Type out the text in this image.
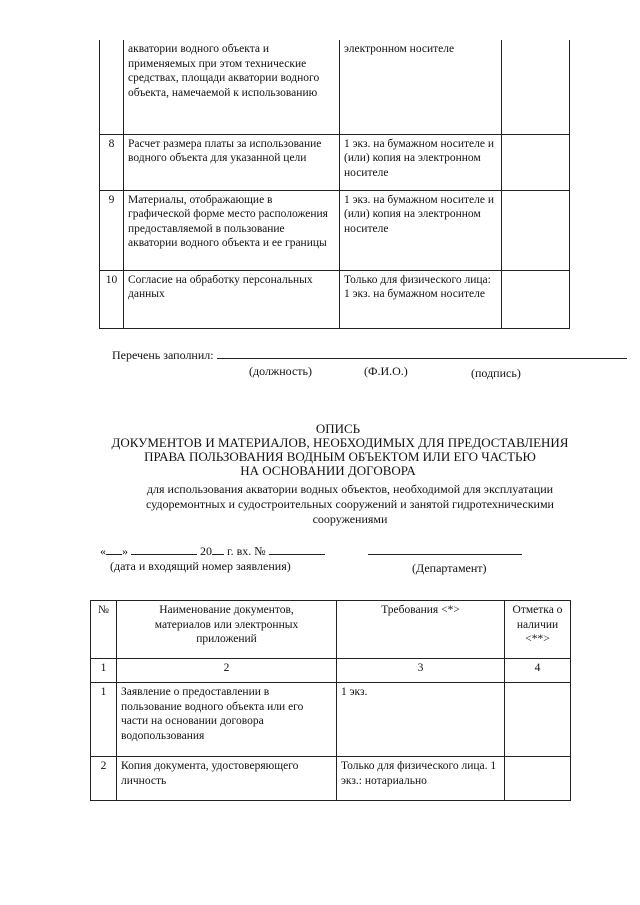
	акватории водного объекта и применяемых при этом технические средствах, площади акватории водного объекта, намечаемой к использованию	электронном носителе	
8	Расчет размера платы за использование водного объекта для указанной цели	1 экз. на бумажном носителе и (или) копия на электронном носителе	
9	Материалы, отображающие в графической форме место расположения предоставляемой в пользование акватории водного объекта и ее границы	1 экз. на бумажном носителе и (или) копия на электронном носителе	
10	Согласие на обработку персональных данных	Только для физического лица: 1 экз. на бумажном носителе	
Перечень заполнил:
(должность)	(Ф.И.О.)	(подпись)
ОПИСЬ
ДОКУМЕНТОВ И МАТЕРИАЛОВ, НЕОБХОДИМЫХ ДЛЯ ПРЕДОСТАВЛЕНИЯ
ПРАВА ПОЛЬЗОВАНИЯ ВОДНЫМ ОБЪЕКТОМ ИЛИ ЕГО ЧАСТЬЮ
НА ОСНОВАНИИ ДОГОВОРА
для использования акватории водных объектов, необходимой для эксплуатации
судоремонтных и судостроительных сооружений и занятой гидротехническими
сооружениями
« »	20 г. вх. №
(дата и входящий номер заявления)	(Департамент)
№	Наименование документов, материалов или электронных приложений	Требования <*>	Отметка о наличии <**>
1	2	3	4
1	Заявление о предоставлении в пользование водного объекта или его части на основании договора водопользования	1 экз.	
2	Копия документа, удостоверяющего личность	Только для физического лица. 1 экз.: нотариально	
